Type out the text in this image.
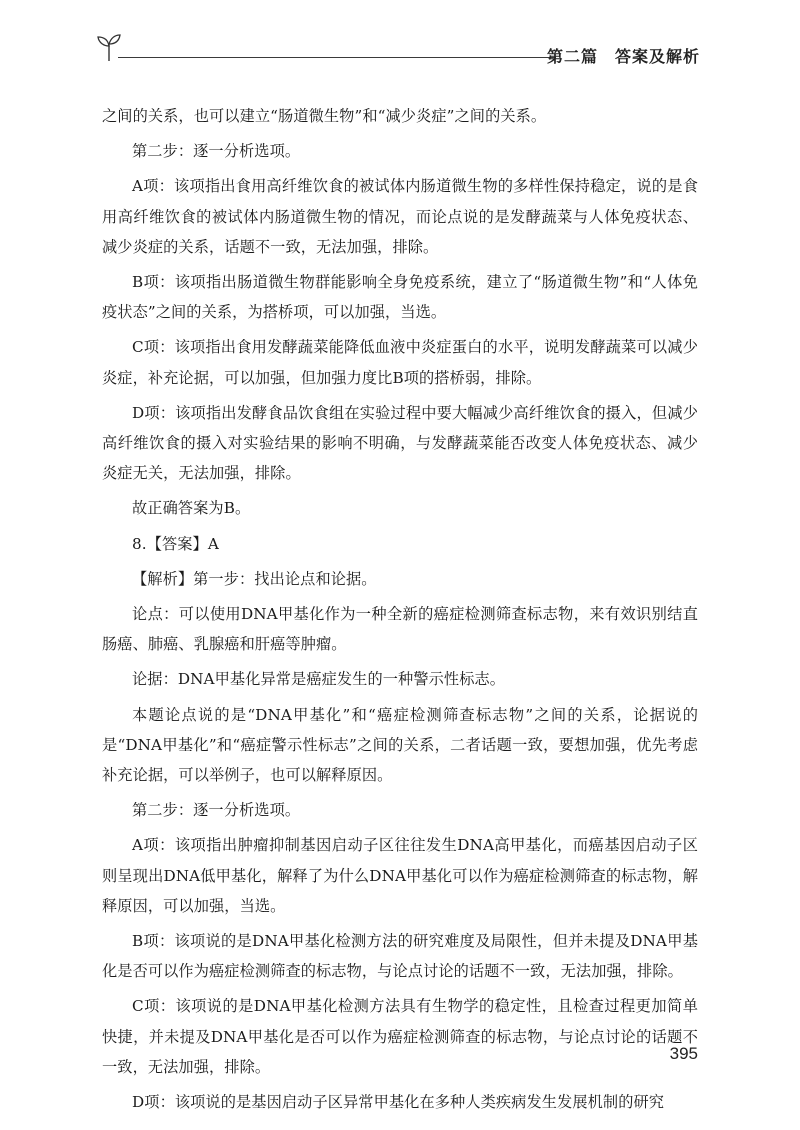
第二篇　答案及解析

之间的关系，也可以建立“肠道微生物”和“减少炎症”之间的关系。

第二步：逐一分析选项。

A项：该项指出食用高纤维饮食的被试体内肠道微生物的多样性保持稳定，说的是食用高纤维饮食的被试体内肠道微生物的情况，而论点说的是发酵蔬菜与人体免疫状态、减少炎症的关系，话题不一致，无法加强，排除。

B项：该项指出肠道微生物群能影响全身免疫系统，建立了“肠道微生物”和“人体免疫状态”之间的关系，为搭桥项，可以加强，当选。

C项：该项指出食用发酵蔬菜能降低血液中炎症蛋白的水平，说明发酵蔬菜可以减少炎症，补充论据，可以加强，但加强力度比B项的搭桥弱，排除。

D项：该项指出发酵食品饮食组在实验过程中要大幅减少高纤维饮食的摄入，但减少高纤维饮食的摄入对实验结果的影响不明确，与发酵蔬菜能否改变人体免疫状态、减少炎症无关，无法加强，排除。

故正确答案为B。

8.【答案】A

【解析】第一步：找出论点和论据。

论点：可以使用DNA甲基化作为一种全新的癌症检测筛查标志物，来有效识别结直肠癌、肺癌、乳腺癌和肝癌等肿瘤。

论据：DNA甲基化异常是癌症发生的一种警示性标志。

本题论点说的是“DNA甲基化”和“癌症检测筛查标志物”之间的关系，论据说的是“DNA甲基化”和“癌症警示性标志”之间的关系，二者话题一致，要想加强，优先考虑补充论据，可以举例子，也可以解释原因。

第二步：逐一分析选项。

A项：该项指出肿瘤抑制基因启动子区往往发生DNA高甲基化，而癌基因启动子区则呈现出DNA低甲基化，解释了为什么DNA甲基化可以作为癌症检测筛查的标志物，解释原因，可以加强，当选。

B项：该项说的是DNA甲基化检测方法的研究难度及局限性，但并未提及DNA甲基化是否可以作为癌症检测筛查的标志物，与论点讨论的话题不一致，无法加强，排除。

C项：该项说的是DNA甲基化检测方法具有生物学的稳定性，且检查过程更加简单快捷，并未提及DNA甲基化是否可以作为癌症检测筛查的标志物，与论点讨论的话题不一致，无法加强，排除。

D项：该项说的是基因启动子区异常甲基化在多种人类疾病发生发展机制的研究

395
